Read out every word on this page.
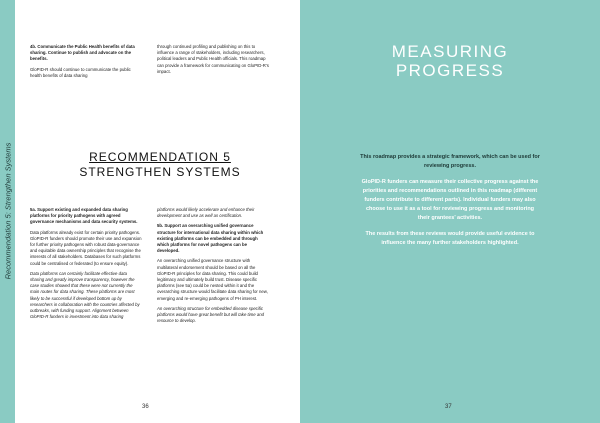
Recommendation 5: Strengthen Systems

4b. Communicate the Public Health benefits of data sharing. Continue to publish and advocate on the benefits.

GloPID-R should continue to communicate the public health benefits of data sharing

through continued profiling and publishing on this to influence a range of stakeholders, including researchers, political leaders and Public Health officials. This roadmap can provide a framework for communicating on GloPID-R’s impact.

RECOMMENDATION 5
STRENGTHEN SYSTEMS

5a. Support existing and expanded data sharing platforms for priority pathogens with agreed governance mechanisms and data security systems.

Data platforms already exist for certain priority pathogens. GloPID-R funders should promote their use and expansion for further priority pathogens with robust data-governance and equitable data ownership principles that recognise the interests of all stakeholders. Databases for such platforms could be centralised or federated (to ensure equity).

Data platforms can certainly facilitate effective data sharing and greatly improve transparency, however the case studies showed that these were not currently the main routes for data sharing. These platforms are most likely to be successful if developed bottom up by researchers in collaboration with the countries affected by outbreaks, with funding support. Alignment between GloPID-R funders in investment into data sharing

platforms would likely accelerate and enhance their development and use as well as certification.

5b. Support an overarching unified governance structure for international data sharing within which existing platforms can be embedded and through which platforms for novel pathogens can be developed.

An overarching unified governance structure with multilateral endorsement should be based on all the GloPID-R principles for data sharing. This could build legitimacy and ultimately build trust. Disease specific platforms (see 5a) could be nested within it and the overarching structure would facilitate data sharing for new, emerging and re-emerging pathogens of PH interest.

An overarching structure for embedded disease specific platforms would have great benefit but will take time and resource to develop.

36
MEASURING
PROGRESS

This roadmap provides a strategic framework, which can be used for reviewing progress.

GloPID-R funders can measure their collective progress against the priorities and recommendations outlined in this roadmap (different funders contribute to different parts). Individual funders may also choose to use it as a tool for reviewing progress and monitoring their grantees’ activities.

The results from these reviews would provide useful evidence to influence the many further stakeholders highlighted.

37
